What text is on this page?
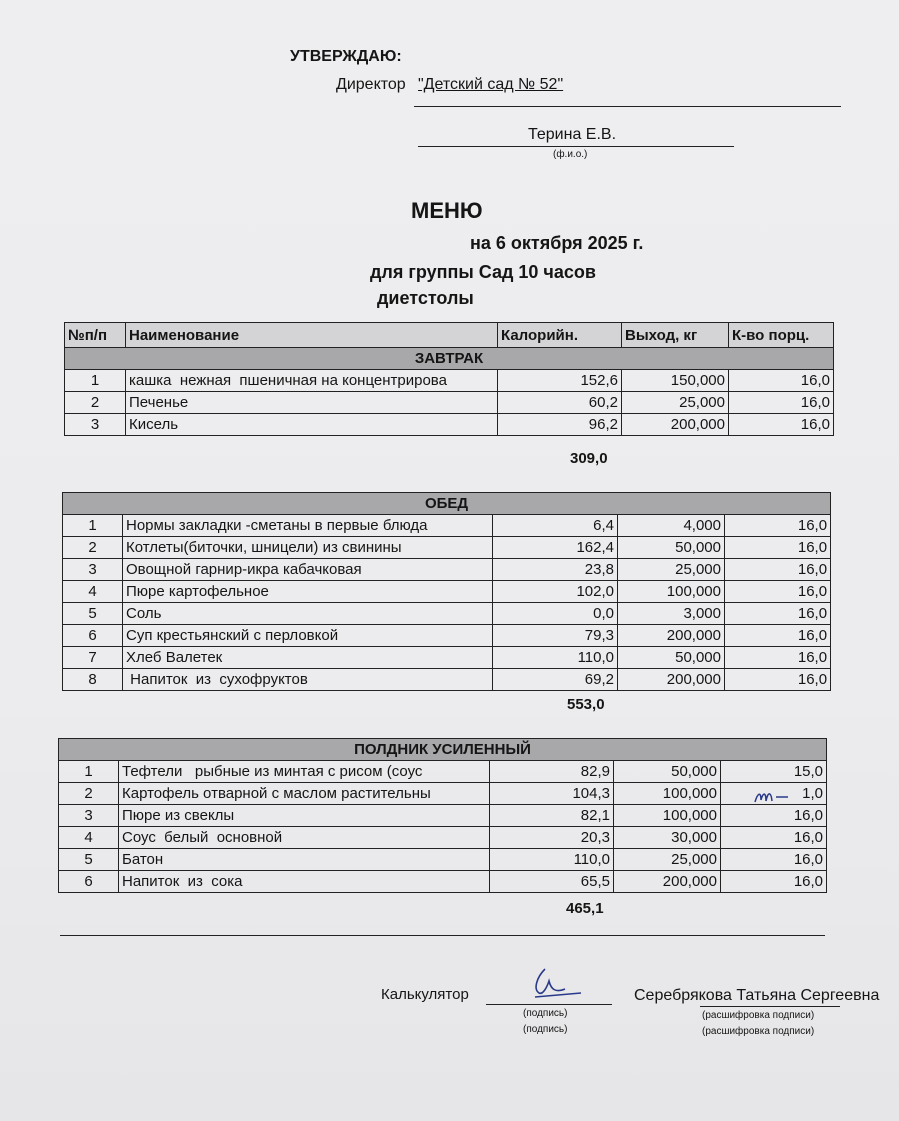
УТВЕРЖДАЮ:
Директор "Детский сад № 52"
Терина Е.В.
(ф.и.о.)
МЕНЮ
на 6 октября 2025 г.
для группы Сад 10 часов
диетстолы
№п/п	Наименование	Калорийн.	Выход, кг	К-во порц.
ЗАВТРАК				
1	кашка  нежная  пшеничная на концентрирова	152,6	150,000	16,0
2	Печенье	60,2	25,000	16,0
3	Кисель	96,2	200,000	16,0
309,0
ОБЕД				
1	Нормы закладки -сметаны в первые блюда	6,4	4,000	16,0
2	Котлеты(биточки, шницели) из свинины	162,4	50,000	16,0
3	Овощной гарнир-икра кабачковая	23,8	25,000	16,0
4	Пюре картофельное	102,0	100,000	16,0
5	Соль	0,0	3,000	16,0
6	Суп крестьянский с перловкой	79,3	200,000	16,0
7	Хлеб Валетек	110,0	50,000	16,0
8	Напиток  из  сухофруктов	69,2	200,000	16,0
553,0
ПОЛДНИК УСИЛЕННЫЙ				
1	Тефтели   рыбные из минтая с рисом (соус	82,9	50,000	15,0
2	Картофель отварной с маслом растительны	104,3	100,000	1,0
3	Пюре из свеклы	82,1	100,000	16,0
4	Соус  белый  основной	20,3	30,000	16,0
5	Батон	110,0	25,000	16,0
6	Напиток  из  сока	65,5	200,000	16,0
465,1
Калькулятор	Серебрякова Татьяна Сергеевна
(подпись)
(подпись)
(расшифровка подписи)
(расшифровка подписи)
